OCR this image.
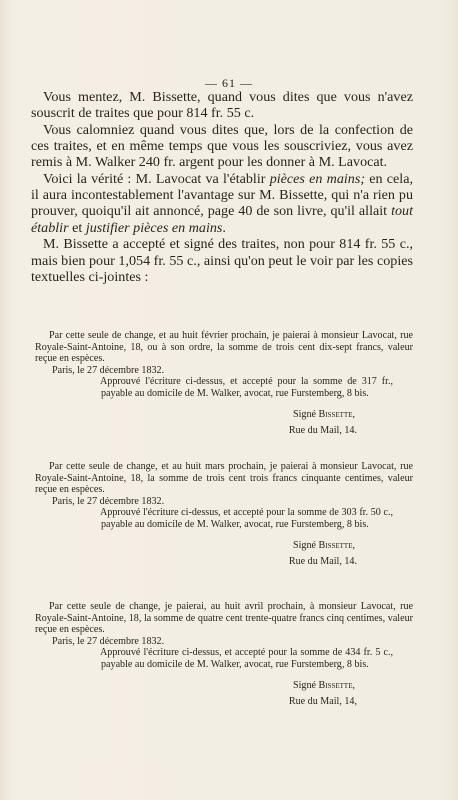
— 61 —

Vous mentez, M. Bissette, quand vous dites que vous n'avez souscrit de traites que pour 814 fr. 55 c.

Vous calomniez quand vous dites que, lors de la confection de ces traites, et en même temps que vous les souscriviez, vous avez remis à M. Walker 240 fr. argent pour les donner à M. Lavocat.

Voici la vérité : M. Lavocat va l'établir pièces en mains; en cela, il aura incontestablement l'avantage sur M. Bissette, qui n'a rien pu prouver, quoiqu'il ait annoncé, page 40 de son livre, qu'il allait tout établir et justifier pièces en mains.

M. Bissette a accepté et signé des traites, non pour 814 fr. 55 c., mais bien pour 1,054 fr. 55 c., ainsi qu'on peut le voir par les copies textuelles ci-jointes :

Par cette seule de change, et au huit février prochain, je paierai à monsieur Lavocat, rue Royale-Saint-Antoine, 18, ou à son ordre, la somme de trois cent dix-sept francs, valeur reçue en espèces.

Paris, le 27 décembre 1832.

Approuvé l'écriture ci-dessus, et accepté pour la somme de 317 fr., payable au domicile de M. Walker, avocat, rue Furstemberg, 8 bis.

Signé Bissette,

Rue du Mail, 14.

Par cette seule de change, et au huit mars prochain, je paierai à monsieur Lavocat, rue Royale-Saint-Antoine, 18, la somme de trois cent trois francs cinquante centimes, valeur reçue en espèces.

Paris, le 27 décembre 1832.

Approuvé l'écriture ci-dessus, et accepté pour la somme de 303 fr. 50 c., payable au domicile de M. Walker, avocat, rue Furstemberg, 8 bis.

Signé Bissette,

Rue du Mail, 14.

Par cette seule de change, je paierai, au huit avril prochain, à monsieur Lavocat, rue Royale-Saint-Antoine, 18, la somme de quatre cent trente-quatre francs cinq centimes, valeur reçue en espèces.

Paris, le 27 décembre 1832.

Approuvé l'écriture ci-dessus, et accepté pour la somme de 434 fr. 5 c., payable au domicile de M. Walker, avocat, rue Furstemberg, 8 bis.

Signé Bissette,

Rue du Mail, 14,
